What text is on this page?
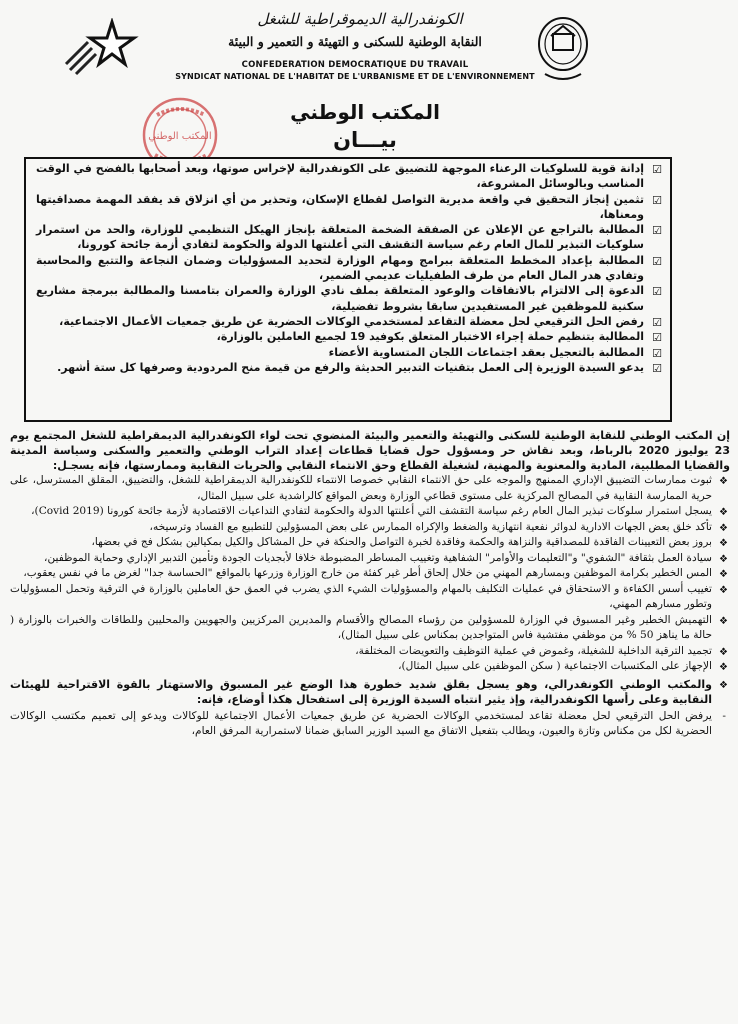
الكونفدرالية الديموقراطية للشغل
النقابة الوطنية للسكنى و التهيئة و التعمير و البيئة
CONFEDERATION DEMOCRATIQUE DU TRAVAIL
SYNDICAT NATIONAL DE L'HABITAT DE L'URBANISME ET DE L'ENVIRONNEMENT
المكتب الوطني
المكتب الوطني
بيـــان
☑
إدانة قوية للسلوكيات الرعناء الموجهة للتضييق على الكونفدرالية لإخراس صوتها، وبعد أصحابها بالفضح في الوقت المناسب وبالوسائل المشروعة،
☑
تثمين إنجاز التحقيق في واقعة مديرية التواصل لقطاع الإسكان، وتحذير من أي انزلاق قد يفقد المهمة مصداقيتها ومعناها،
☑
المطالبة بالتراجع عن الإعلان عن الصفقة الضخمة المتعلقة بإنجاز الهيكل التنظيمي للوزارة، والحد من استمرار سلوكيات التبذير للمال العام رغم سياسة التقشف التي أعلنتها الدولة والحكومة لتفادي أزمة جائحة كورونا،
☑
المطالبة بإعداد المخطط المتعلقة ببرامج ومهام الوزارة لتحديد المسؤوليات وضمان النجاعة والتتبع والمحاسبة وتفادي هدر المال العام من طرف الطفيليات عديمي الضمير،
☑
الدعوة إلى الالتزام بالاتفاقات والوعود المتعلقة بملف نادي الوزارة والعمران بتامسنا والمطالبة ببرمجة مشاريع سكنية للموظفين غير المستفيدين سابقا بشروط تفضيلية،
☑
رفض الحل الترقيعي لحل معضلة التقاعد لمستخدمي الوكالات الحضرية عن طريق جمعيات الأعمال الاجتماعية،
☑
المطالبة بتنظيم حملة إجراء الاختبار المتعلق بكوفيد 19 لجميع العاملين بالوزارة،
☑
المطالبة بالتعجيل بعقد اجتماعات اللجان المتساوية الأعضاء
☑
يدعو السيدة الوزيرة إلى العمل بتقنيات التدبير الحديثة والرفع من قيمة منح المردودية وصرفها كل ستة أشهر.

إن المكتب الوطني للنقابة الوطنية للسكنى والتهيئة والتعمير والبيئة المنضوي تحت لواء الكونفدرالية الديمقراطية للشغل المجتمع يوم 23 يوليوز 2020 بالرباط، وبعد نقاش حر ومسؤول حول قضايا قطاعات إعداد التراب الوطني والتعمير والسكنى وسياسة المدينة والقضايا المطلبية، المادية والمعنوية والمهنية، لشغيلة القطاع وحق الانتماء النقابي والحريات النقابية وممارستها، فإنه يسجـل:

❖
ثبوت ممارسات التضييق الإداري الممنهج والموجه على حق الانتماء النقابي خصوصا الانتماء للكونفدرالية الديمقراطية للشغل، والتضييق، المقلق المسترسل، على حرية الممارسة النقابية في المصالح المركزية على مستوى قطاعي الوزارة وبعض المواقع كالراشدية على سبيل المثال،
❖
يسجل استمرار سلوكات تبذير المال العام رغم سياسة التقشف التي أعلنتها الدولة والحكومة لتفادي التداعيات الاقتصادية لأزمة جائحة كورونا (Covid 2019)،
❖
تأكد خلق بعض الجهات الادارية لدوائر نفعية انتهازية والضغط والإكراه الممارس على بعض المسؤولين للتطبيع مع الفساد وترسيخه،
❖
بروز بعض التعيينات الفاقدة للمصداقية والنزاهة والحكمة وفاقدة لخبرة التواصل والحنكة في حل المشاكل والكيل بمكيالين بشكل فج في بعضها،
❖
سيادة العمل بثقافة "الشفوي" و"التعليمات والأوامر" الشفاهية وتغييب المساطر المضبوطة خلافا لأبجديات الجودة وتأمين التدبير الإداري وحماية الموظفين،
❖
المس الخطير بكرامة الموظفين وبمسارهم المهني من خلال إلحاق أطر غير كفئة من خارج الوزارة وزرعها بالمواقع "الحساسة جدا" لغرض ما في نفس يعقوب،
❖
تغييب أسس الكفاءة و الاستحقاق في عمليات التكليف بالمهام والمسؤوليات الشيء الذي يضرب في العمق حق العاملين بالوزارة في الترقية وتحمل المسؤوليات وتطور مسارهم المهني،
❖
التهميش الخطير وغير المسبوق في الوزارة للمسؤولين من رؤساء المصالح والأقسام والمديرين المركزيين والجهويين والمحليين وللطاقات والخبرات بالوزارة ( حالة ما يناهز 50 % من موظفي مفتشية فاس المتواجدين بمكناس على سبيل المثال)،
❖
تجميد الترقية الداخلية للشغيلة، وغموض في عملية التوظيف والتعويضات المختلفة،
❖
الإجهاز على المكتسبات الاجتماعية ( سكن الموظفين على سبيل المثال)،

❖
والمكتب الوطني الكونفدرالي، وهو يسجل بقلق شديد خطورة هذا الوضع غير المسبوق والاستهتار بالقوة الاقتراحية للهيئات النقابية وعلى رأسها الكونفدرالية، وإذ يثير انتباه السيدة الوزيرة إلى استفحال هكذا أوضاع، فإنه:

-
يرفض الحل الترقيعي لحل معضلة تقاعد لمستخدمي الوكالات الحضرية عن طريق جمعيات الأعمال الاجتماعية للوكالات ويدعو إلى تعميم مكتسب الوكالات الحضرية لكل من مكناس وتازة والعيون، ويطالب بتفعيل الاتفاق مع السيد الوزير السابق ضمانا لاستمرارية المرفق العام،
